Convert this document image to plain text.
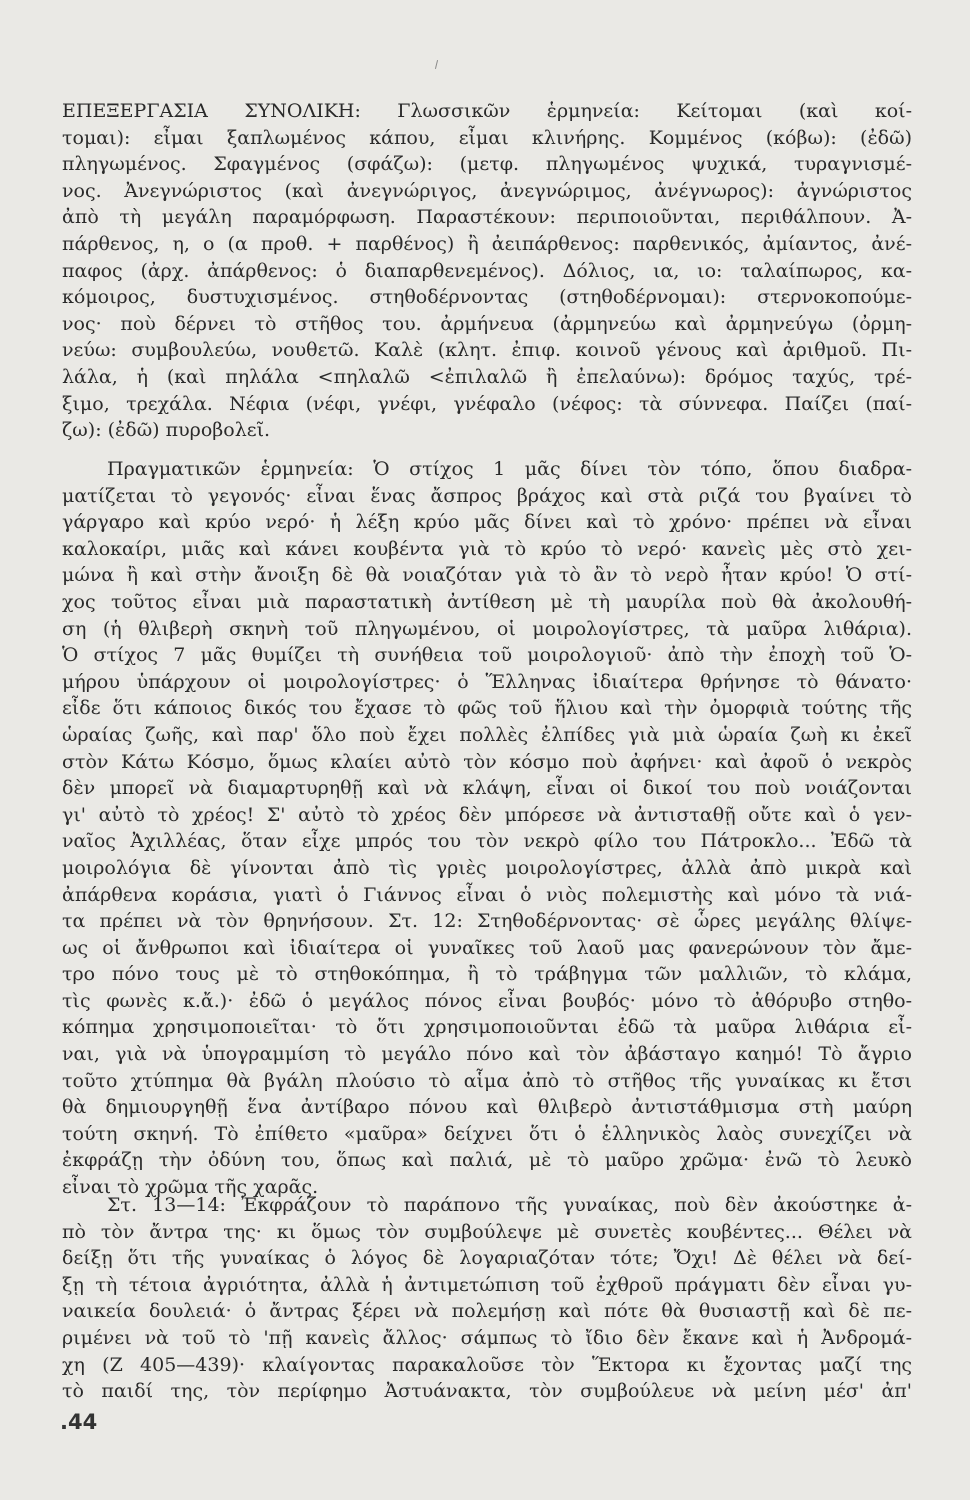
ΕΠΕΞΕΡΓΑΣΙΑ ΣΥΝΟΛΙΚΗ: Γλωσσικῶν ἑρμηνεία: Κείτομαι (καὶ κοί-
τομαι): εἶμαι ξαπλωμένος κάπου, εἶμαι κλινήρης. Κομμένος (κόβω): (ἐδῶ)
πληγωμένος. Σφαγμένος (σφάζω): (μετφ. πληγωμένος ψυχικά, τυραγνισμέ-
νος. Ἀνεγνώριστος (καὶ ἀνεγνώριγος, ἀνεγνώριμος, ἀνέγνωρος): ἀγνώριστος
ἀπὸ τὴ μεγάλη παραμόρφωση. Παραστέκουν: περιποιοῦνται, περιθάλπουν. Ἀ-
πάρθενος, η, ο (α προθ. + παρθένος) ἢ ἀειπάρθενος: παρθενικός, ἀμίαντος, ἀνέ-
παφος (ἀρχ. ἀπάρθενος: ὁ διαπαρθενεμένος). Δόλιος, ια, ιο: ταλαίπωρος, κα-
κόμοιρος, δυστυχισμένος. στηθοδέρνοντας (στηθοδέρνομαι): στερνοκοπούμε-
νος· ποὺ δέρνει τὸ στῆθος του. ἀρμήνευα (ἀρμηνεύω καὶ ἀρμηνεύγω (ὀρμη-
νεύω: συμβουλεύω, νουθετῶ. Καλὲ (κλητ. ἐπιφ. κοινοῦ γένους καὶ ἀριθμοῦ. Πι-
λάλα, ἡ (καὶ πηλάλα <πηλαλῶ <ἐπιλαλῶ ἢ ἐπελαύνω): δρόμος ταχύς, τρέ-
ξιμο, τρεχάλα. Νέφια (νέφι, γνέφι, γνέφαλο (νέφος: τὰ σύννεφα. Παίζει (παί-
ζω): (ἐδῶ) πυροβολεῖ.
Πραγματικῶν ἑρμηνεία: Ὁ στίχος 1 μᾶς δίνει τὸν τόπο, ὅπου διαδρα-
ματίζεται τὸ γεγονός· εἶναι ἕνας ἄσπρος βράχος καὶ στὰ ριζά του βγαίνει τὸ
γάργαρο καὶ κρύο νερό· ἡ λέξη κρύο μᾶς δίνει καὶ τὸ χρόνο· πρέπει νὰ εἶναι
καλοκαίρι, μιᾶς καὶ κάνει κουβέντα γιὰ τὸ κρύο τὸ νερό· κανεὶς μὲς στὸ χει-
μώνα ἢ καὶ στὴν ἄνοιξη δὲ θὰ νοιαζόταν γιὰ τὸ ἂν τὸ νερὸ ἦταν κρύο! Ὁ στί-
χος τοῦτος εἶναι μιὰ παραστατικὴ ἀντίθεση μὲ τὴ μαυρίλα ποὺ θὰ ἀκολουθή-
ση (ἡ θλιβερὴ σκηνὴ τοῦ πληγωμένου, οἱ μοιρολογίστρες, τὰ μαῦρα λιθάρια).
Ὁ στίχος 7 μᾶς θυμίζει τὴ συνήθεια τοῦ μοιρολογιοῦ· ἀπὸ τὴν ἐποχὴ τοῦ Ὁ-
μήρου ὑπάρχουν οἱ μοιρολογίστρες· ὁ Ἕλληνας ἰδιαίτερα θρήνησε τὸ θάνατο·
εἶδε ὅτι κάποιος δικός του ἔχασε τὸ φῶς τοῦ ἥλιου καὶ τὴν ὀμορφιὰ τούτης τῆς
ὡραίας ζωῆς, καὶ παρ' ὅλο ποὺ ἔχει πολλὲς ἐλπίδες γιὰ μιὰ ὡραία ζωὴ κι ἐκεῖ
στὸν Κάτω Κόσμο, ὅμως κλαίει αὐτὸ τὸν κόσμο ποὺ ἀφήνει· καὶ ἀφοῦ ὁ νεκρὸς
δὲν μπορεῖ νὰ διαμαρτυρηθῇ καὶ νὰ κλάψη, εἶναι οἱ δικοί του ποὺ νοιάζονται
γι' αὐτὸ τὸ χρέος! Σ' αὐτὸ τὸ χρέος δὲν μπόρεσε νὰ ἀντισταθῇ οὔτε καὶ ὁ γεν-
ναῖος Ἀχιλλέας, ὅταν εἶχε μπρός του τὸν νεκρὸ φίλο του Πάτροκλο... Ἐδῶ τὰ
μοιρολόγια δὲ γίνονται ἀπὸ τὶς γριὲς μοιρολογίστρες, ἀλλὰ ἀπὸ μικρὰ καὶ
ἀπάρθενα κοράσια, γιατὶ ὁ Γιάννος εἶναι ὁ νιὸς πολεμιστὴς καὶ μόνο τὰ νιά-
τα πρέπει νὰ τὸν θρηνήσουν. Στ. 12: Στηθοδέρνοντας· σὲ ὧρες μεγάλης θλίψε-
ως οἱ ἄνθρωποι καὶ ἰδιαίτερα οἱ γυναῖκες τοῦ λαοῦ μας φανερώνουν τὸν ἄμε-
τρο πόνο τους μὲ τὸ στηθοκόπημα, ἢ τὸ τράβηγμα τῶν μαλλιῶν, τὸ κλάμα,
τὶς φωνὲς κ.ἄ.)· ἐδῶ ὁ μεγάλος πόνος εἶναι βουβός· μόνο τὸ ἀθόρυβο στηθο-
κόπημα χρησιμοποιεῖται· τὸ ὅτι χρησιμοποιοῦνται ἐδῶ τὰ μαῦρα λιθάρια εἶ-
ναι, γιὰ νὰ ὑπογραμμίση τὸ μεγάλο πόνο καὶ τὸν ἀβάσταγο καημό! Τὸ ἄγριο
τοῦτο χτύπημα θὰ βγάλη πλούσιο τὸ αἷμα ἀπὸ τὸ στῆθος τῆς γυναίκας κι ἔτσι
θὰ δημιουργηθῇ ἕνα ἀντίβαρο πόνου καὶ θλιβερὸ ἀντιστάθμισμα στὴ μαύρη
τούτη σκηνή. Τὸ ἐπίθετο «μαῦρα» δείχνει ὅτι ὁ ἑλληνικὸς λαὸς συνεχίζει νὰ
ἐκφράζῃ τὴν ὀδύνη του, ὅπως καὶ παλιά, μὲ τὸ μαῦρο χρῶμα· ἐνῶ τὸ λευκὸ
εἶναι τὸ χρῶμα τῆς χαρᾶς.
Στ. 13—14: Ἐκφράζουν τὸ παράπονο τῆς γυναίκας, ποὺ δὲν ἀκούστηκε ἀ-
πὸ τὸν ἄντρα της· κι ὅμως τὸν συμβούλεψε μὲ συνετὲς κουβέντες... Θέλει νὰ
δείξῃ ὅτι τῆς γυναίκας ὁ λόγος δὲ λογαριαζόταν τότε; Ὄχι! Δὲ θέλει νὰ δεί-
ξῃ τὴ τέτοια ἀγριότητα, ἀλλὰ ἡ ἀντιμετώπιση τοῦ ἐχθροῦ πράγματι δὲν εἶναι γυ-
ναικεία δουλειά· ὁ ἄντρας ξέρει νὰ πολεμήσῃ καὶ πότε θὰ θυσιαστῇ καὶ δὲ πε-
ριμένει νὰ τοῦ τὸ 'πῇ κανεὶς ἄλλος· σάμπως τὸ ἴδιο δὲν ἔκανε καὶ ἡ Ἀνδρομά-
χη (Ζ 405—439)· κλαίγοντας παρακαλοῦσε τὸν Ἕκτορα κι ἔχοντας μαζί της
τὸ παιδί της, τὸν περίφημο Ἀστυάνακτα, τὸν συμβούλευε νὰ μείνη μέσ' ἀπ'
.44
